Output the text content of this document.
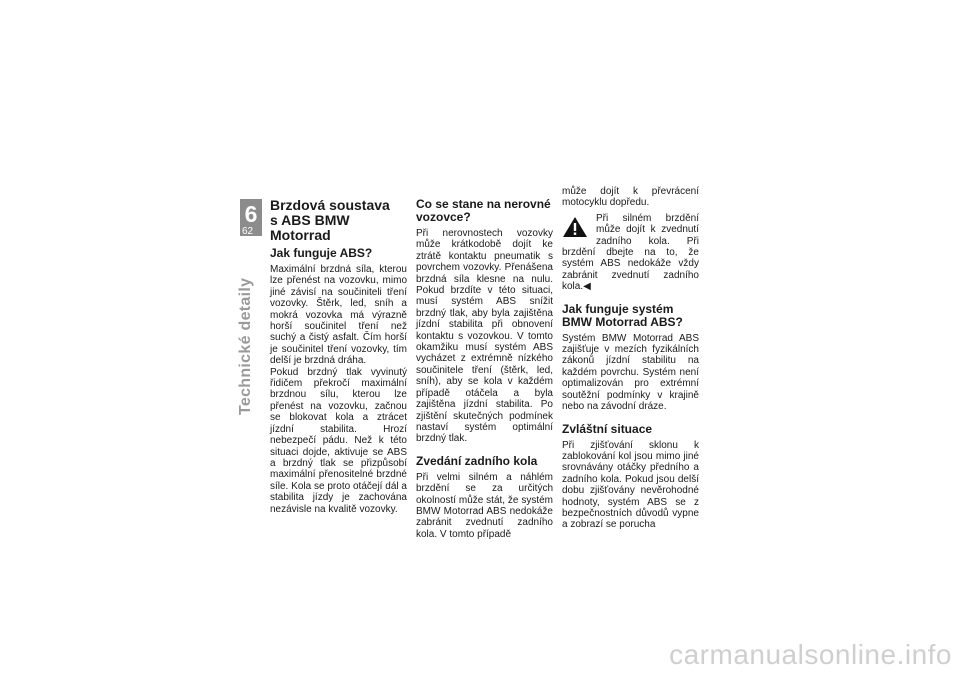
6
62
Technické detaily
Brzdová soustava
s ABS BMW Motorrad
Jak funguje ABS?

Maximální brzdná síla, kterou lze přenést na vozovku, mimo jiné závisí na součiniteli tření vozovky. Štěrk, led, sníh a mokrá vozovka má výrazně horší součinitel tření než suchý a čistý asfalt. Čím horší je součinitel tření vozovky, tím delší je brzdná dráha.

Pokud brzdný tlak vyvinutý řidičem překročí maximální brzdnou sílu, kterou lze přenést na vozovku, začnou se blokovat kola a ztrácet jízdní stabilita. Hrozí nebezpečí pádu. Než k této situaci dojde, aktivuje se ABS a brzdný tlak se přizpůsobí maximální přenositelné brzdné síle. Kola se proto otáčejí dál a stabilita jízdy je zachována nezávisle na kvalitě vozovky.

Co se stane na nerovné
vozovce?

Při nerovnostech vozovky může krátkodobě dojít ke ztrátě kontaktu pneumatik s povrchem vozovky. Přenášena brzdná síla klesne na nulu. Pokud brzdíte v této situaci, musí systém ABS snížit brzdný tlak, aby byla zajištěna jízdní stabilita při obnovení kontaktu s vozovkou. V tomto okamžiku musí systém ABS vycházet z extrémně nízkého součinitele tření (štěrk, led, sníh), aby se kola v každém případě otáčela a byla zajištěna jízdní stabilita. Po zjištění skutečných podmínek nastaví systém optimální brzdný tlak.

Zvedání zadního kola

Při velmi silném a náhlém brzdění se za určitých okolností může stát, že systém BMW Motorrad ABS nedokáže zabránit zvednutí zadního kola. V tomto případě

může dojít k převrácení motocyklu dopředu.

Při silném brzdění může dojít k zvednutí zadního kola. Při brzdění dbejte na to, že systém ABS nedokáže vždy zabránit zvednutí zadního kola.◀

Jak funguje systém
BMW Motorrad ABS?

Systém BMW Motorrad ABS zajišťuje v mezích fyzikálních zákonů jízdní stabilitu na každém povrchu. Systém není optimalizován pro extrémní soutěžní podmínky v krajině nebo na závodní dráze.

Zvláštní situace

Při zjišťování sklonu k zablokování kol jsou mimo jiné srovnávány otáčky předního a zadního kola. Pokud jsou delší dobu zjišťovány nevěrohodné hodnoty, systém ABS se z bezpečnostních důvodů vypne a zobrazí se porucha

carmanualsonline.info
